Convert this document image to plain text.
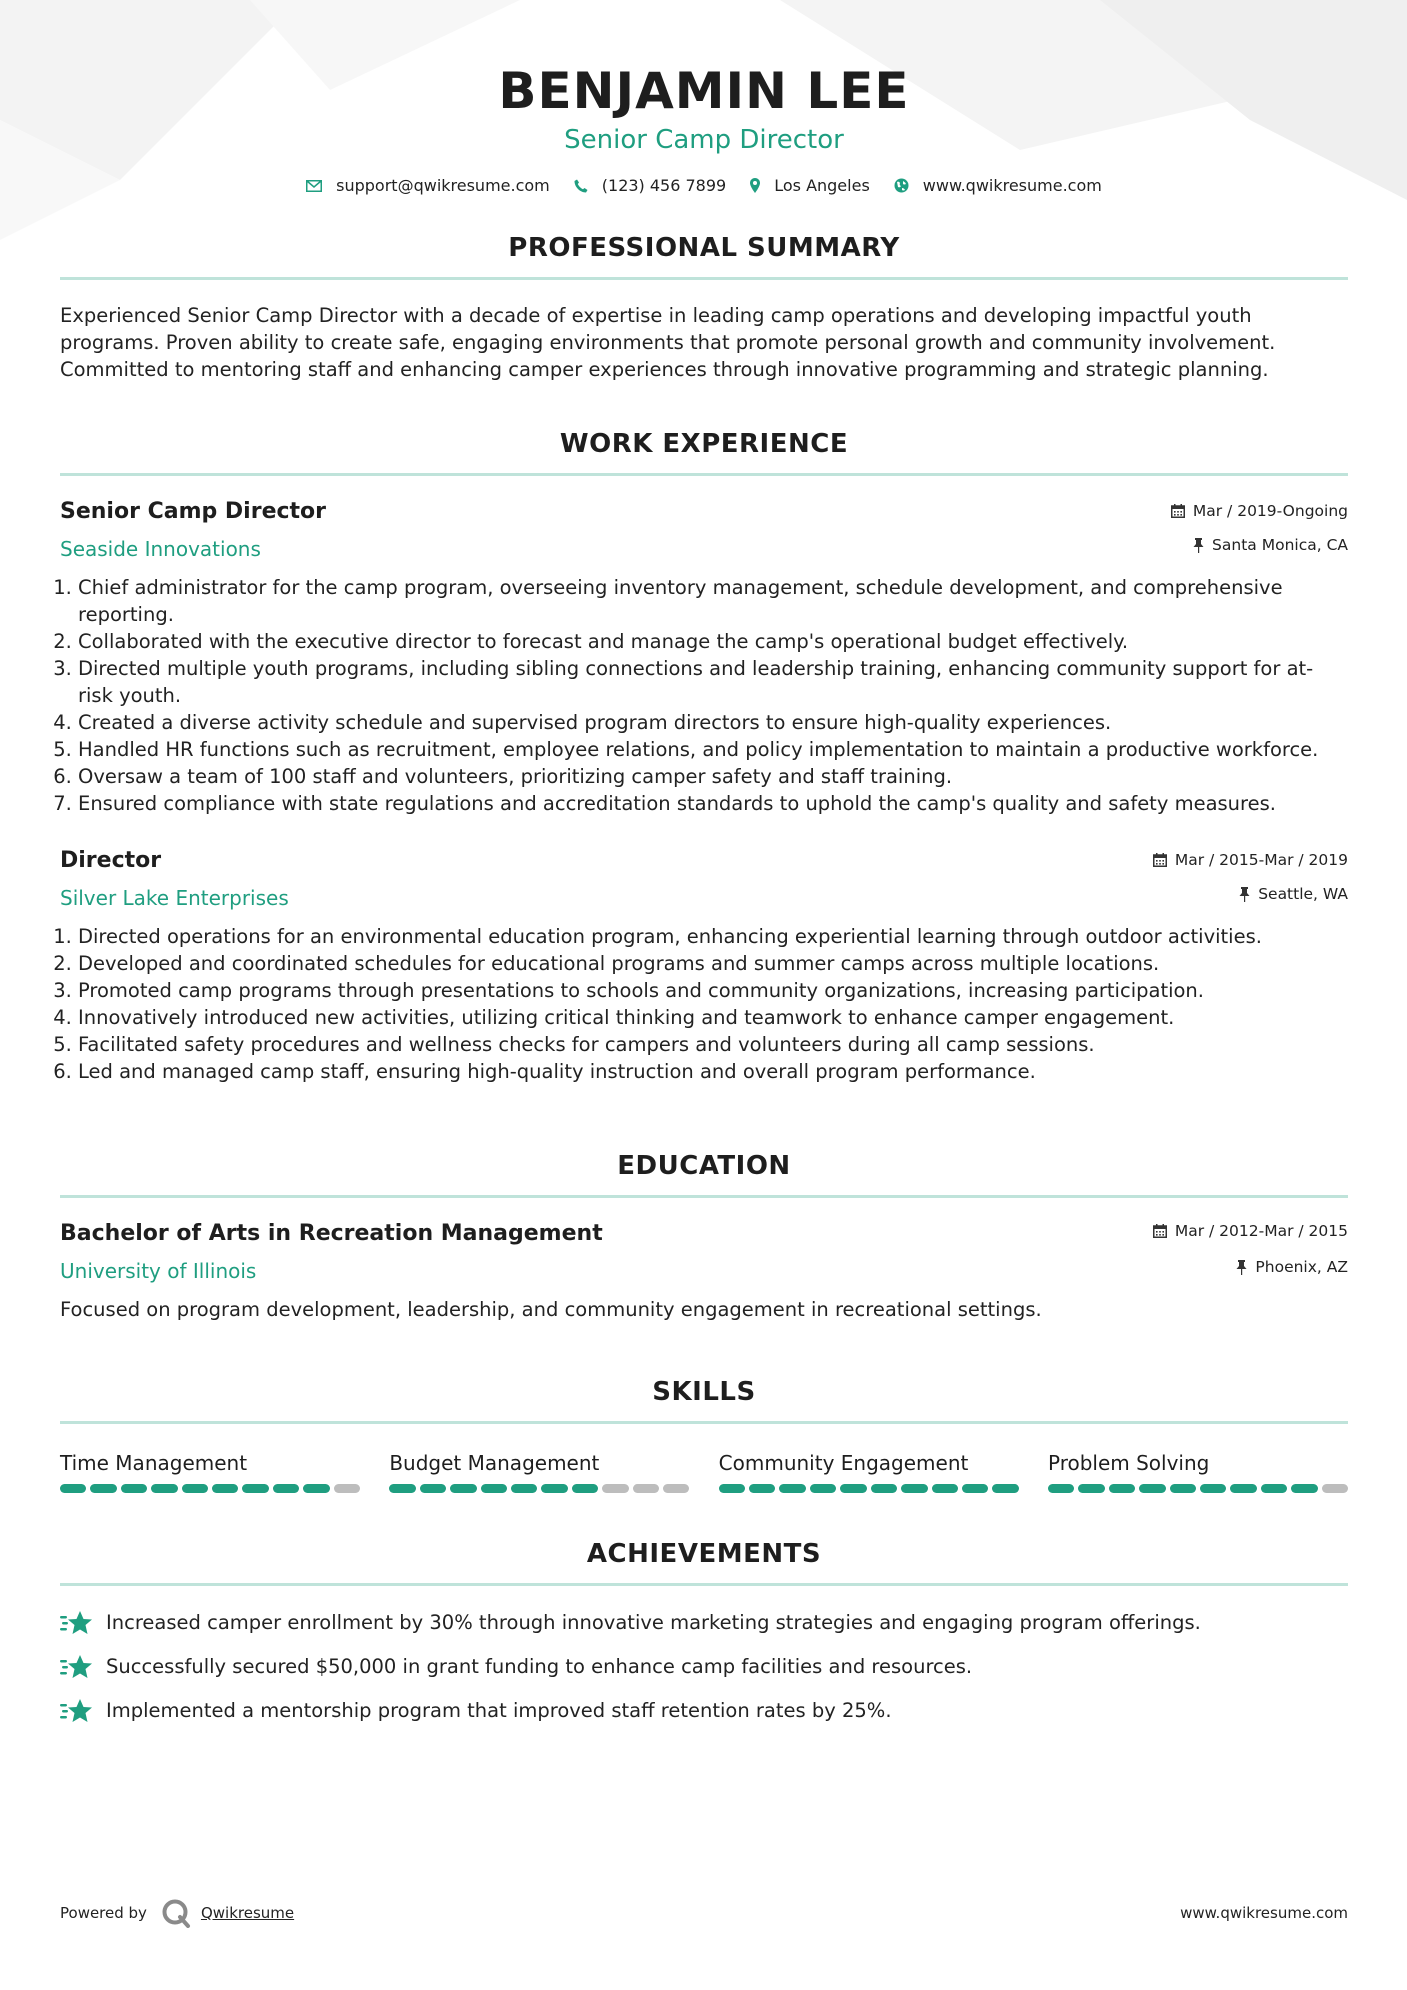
BENJAMIN LEE
Senior Camp Director
support@qwikresume.com	(123) 456 7899	Los Angeles	www.qwikresume.com
PROFESSIONAL SUMMARY
Experienced Senior Camp Director with a decade of expertise in leading camp operations and developing impactful youth programs. Proven ability to create safe, engaging environments that promote personal growth and community involvement. Committed to mentoring staff and enhancing camper experiences through innovative programming and strategic planning.
WORK EXPERIENCE
Mar / 2019-Ongoing
Santa Monica, CA
Senior Camp Director
Seaside Innovations
1. Chief administrator for the camp program, overseeing inventory management, schedule development, and comprehensive reporting.
2. Collaborated with the executive director to forecast and manage the camp's operational budget effectively.
3. Directed multiple youth programs, including sibling connections and leadership training, enhancing community support for at-risk youth.
4. Created a diverse activity schedule and supervised program directors to ensure high-quality experiences.
5. Handled HR functions such as recruitment, employee relations, and policy implementation to maintain a productive workforce.
6. Oversaw a team of 100 staff and volunteers, prioritizing camper safety and staff training.
7. Ensured compliance with state regulations and accreditation standards to uphold the camp's quality and safety measures.
Mar / 2015-Mar / 2019
Seattle, WA
Director
Silver Lake Enterprises
1. Directed operations for an environmental education program, enhancing experiential learning through outdoor activities.
2. Developed and coordinated schedules for educational programs and summer camps across multiple locations.
3. Promoted camp programs through presentations to schools and community organizations, increasing participation.
4. Innovatively introduced new activities, utilizing critical thinking and teamwork to enhance camper engagement.
5. Facilitated safety procedures and wellness checks for campers and volunteers during all camp sessions.
6. Led and managed camp staff, ensuring high-quality instruction and overall program performance.
EDUCATION
Mar / 2012-Mar / 2015
Phoenix, AZ
Bachelor of Arts in Recreation Management
University of Illinois
Focused on program development, leadership, and community engagement in recreational settings.
SKILLS
Time Management	Budget Management	Community Engagement	Problem Solving
ACHIEVEMENTS
Increased camper enrollment by 30% through innovative marketing strategies and engaging program offerings.
Successfully secured $50,000 in grant funding to enhance camp facilities and resources.
Implemented a mentorship program that improved staff retention rates by 25%.
Powered by	Qwikresume	www.qwikresume.com
